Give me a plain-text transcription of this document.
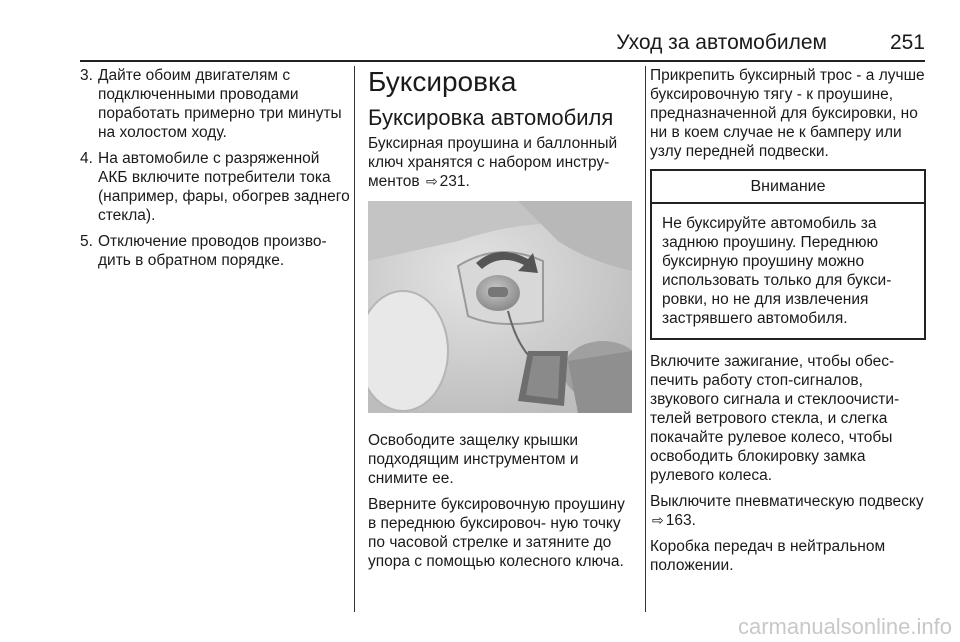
Уход за автомобилем	251
3. Дайте обоим двигателям с подключенными проводами поработать примерно три минуты на холостом ходу.
4. На автомобиле с разряженной АКБ включите потребители тока (например, фары, обогрев заднего стекла).
5. Отключение проводов произво- дить в обратном порядке.
Буксировка
Буксировка автомобиля

Буксирная проушина и баллонный ключ хранятся с набором инстру- ментов ⇨ 231.

Освободите защелку крышки подходящим инструментом и снимите ее.

Вверните буксировочную проушину в переднюю буксировоч- ную точку по часовой стрелке и затяните до упора с помощью колесного ключа.

Прикрепить буксирный трос - а лучше буксировочную тягу - к проушине, предназначенной для буксировки, но ни в коем случае не к бамперу или узлу передней подвески.

Внимание
Не буксируйте автомобиль за заднюю проушину. Переднюю буксирную проушину можно использовать только для букси- ровки, но не для извлечения застрявшего автомобиля.

Включите зажигание, чтобы обес- печить работу стоп-сигналов, звукового сигнала и стеклоочисти- телей ветрового стекла, и слегка покачайте рулевое колесо, чтобы освободить блокировку замка рулевого колеса.

Выключите пневматическую подвеску ⇨ 163.

Коробка передач в нейтральном положении.

carmanualsonline.info
